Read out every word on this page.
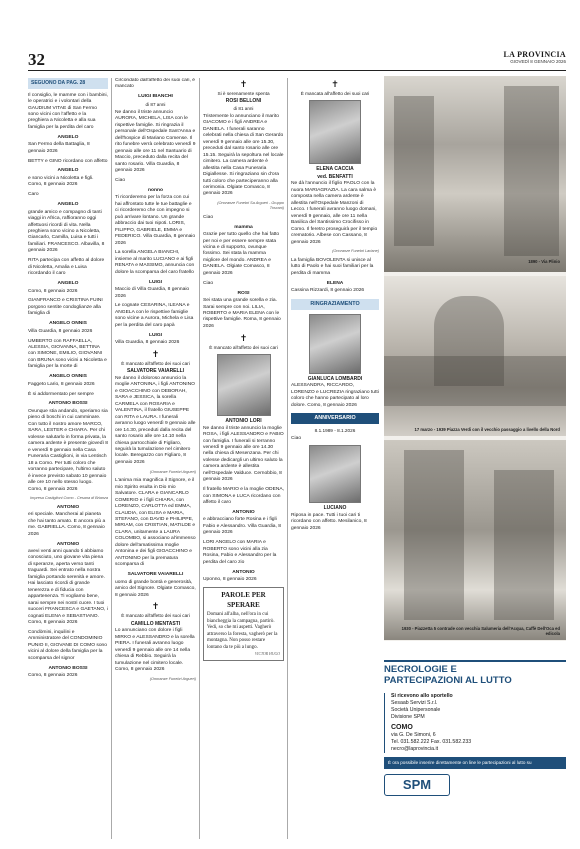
32	LA PROVINCIA
GIOVEDÌ 8 GENNAIO 2026
SEGUONO DA PAG. 28

Il consiglio, le mamme con i bambini, le operatrici e i volontari della GAUDIUM VITAE di San Fermo sono vicini con l'affetto e la preghiera a Nicoletta e alla sua famiglia per la perdita del caro

ANGELO

San Fermo della Battaglia, 8 gennaio 2026

BETTY e GINO ricordano con affetto

ANGELO

e sono vicini a Nicoletta e figli. Como, 8 gennaio 2026

Caro

ANGELO

grande amico e compagno di tanti viaggi in Africa, raffioranno oggi affettuosi ricordi di vita. Nella preghiera sono vicino a Nicoletta, Giancarlo, Camilla, Luisa e tutti i familiari. FRANCESCO. Albavilla, 8 gennaio 2026

RITA partecipa con affetto al dolore di Nicoletta, Amalia e Luisa ricordando il caro

ANGELO

Como, 8 gennaio 2026

GIANFRANCO e CRISTINA FUINI porgono sentite condoglianze alla famiglia di

ANGELO ONNIS

Villa Guardia, 8 gennaio 2026

UMBERTO con RAFFAELLA, ALESSIA, GIOVANNA, BETTINA con SIMONE, EMILIO, GIOVANNI con BRUNA sono vicini a Nicoletta e famiglia per la morte di

ANGELO ONNIS

Faggeto Lario, 8 gennaio 2026

È si addormentato per sempre

ANTONIO BOSSI

Ovunque stia andando, speriamo sia pieno di boschi in cui camminare. Con tutto il nostro amore MARCO, SARA, LESTER e CHIARA. Per chi volesse salutarlo in forma privata, la camera ardente è presente giovedì 8 e venerdì 9 gennaio nella Casa Funeraria Castiglioni, in via Lentisch 18 a Como. Per tutti coloro che vorranno partecipare, l'ultimo saluto è invece previsto sabato 10 gennaio alle ore 10 nello stesso luogo. Como, 8 gennaio 2026

Impresa Castiglioni Como - Cesana di Brianza

ANTONIO

eri speciale. Mancherai al pianeta che hai tanto amato. E ancora più a me. GABRIELLA. Como, 8 gennaio 2026

ANTONIO

avevi venti anni quando ti abbiamo conosciuto, uno giovane vita piena di speranze, aperta verso tanti traguardi. Sei entrato nella nostra famiglia portando serenità e amore. Hai lasciato ricordi di grande tenerezza e di fiducia con appartenenza. Ti vogliamo bene, sarai sempre nei nostri cuore. I tuoi suoceri FRANCESCA e GAETANO, i cognati ELENA e SEBASTIANO. Como, 8 gennaio 2026

Condòmini, inquilini e Amministratore del CONDOMINIO PUNIO II, GIOVANE DI COMO sono vicini al dolore della famiglia per la scomparsa del signor

ANTONIO BOSSI

Como, 8 gennaio 2026

Circondato dall'affetto dei suoi cari, è mancato

LUIGI BIANCHI
di 87 anni

Ne danno il triste annuncio AURORA, MICHELA, LISA con le rispettive famiglie. Si ringrazia il personale dell'Ospedale Sant'Anna e dell'hospice di Mariano Comense. Il rito funebre verrà celebrato venerdì 9 gennaio alle ore 11 nel Santuario di Maccio, preceduto dalla recita del santo rosario. Villa Guardia, 8 gennaio 2026

Ciao

nonno

Ti ricorderemo per la forza con cui hai affrontato tutte le tue battaglie e ci ricorderemo che con impegno si può arrivare lontano. Un grande abbraccio dai tuoi nipoti. LORIS, FILIPPO, GABRIELE, EMMA e FEDERICO. Villa Guardia, 8 gennaio 2026

La sorella ANGELA BIANCHI, insieme al marito LUCIANO e ai figli RENATA e MASSIMO, annuncia con dolore la scomparsa del caro fratello

LUIGI

Maccio di Villa Guardia, 8 gennaio 2026

Le cognate CESARINA, ILEANA e ANGELA con le rispettive famiglie sono vicine a Aurora, Michela e Lisa per la perdita del caro papà

LUIGI

Villa Guardia, 8 gennaio 2026

✝
È mancato all'affetto dei suoi cari
SALVATORE VAIARELLI

Ne danno il doloroso annuncio la moglie ANTONINA, i figli ANTONINO e GIOACCHINO con DEBORAH, SARA e JESSICA, la sorella CARMELA con ROSARIA e VALENTINA, il fratello GIUSEPPE con RITA e LAURA. I funerali avranno luogo venerdì 9 gennaio alle ore 14.30, preceduti dalla recita del santo rosario alle ore 14.10 nella chiesa parrocchiale di Figliaro, seguirà la tumulazione nel cimitero locale. Beregazzo con Figliaro, 8 gennaio 2026

(Onoranze Funebri Argueri)

L'anima mia magnifica il Signore, e il mio Spirito esulta in Dio mio Salvatore. CLARA e GIANCARLO COMERIO e i figli CHIARA, con LORENZO, CARLOTTA ed EMMA, CLAUDIA, con ELISA e MARIA, STEFANO, con DAVID e PHILIPPE, MIRIAM, con CRISTIAN, MATILDE e CLARA, unitamente a LAURA COLOMBO, si associano al'immenso dolore dell'amatissima moglie Antonina e dei figli GIOACCHINO e ANTONINO per la prematura scomparsa di

SALVATORE VAIARELLI

uomo di grande bontà e generosità, amico del Signore. Olgiate Comasco, 8 gennaio 2026

✝
È mancato all'affetto dei suoi cari
CAMILLO MENTASTI

Lo annunciano con dolore i figli MIRKO e ALESSANDRO e la sorella PIERA. I funerali avranno luogo venerdì 9 gennaio alle ore 14 nella chiesa di Rebbio. Seguirà la tumulazione nel cimitero locale. Como, 8 gennaio 2026

(Onoranze Funebri Argueri)

✝
Si è serenamente spenta
ROSI BELLONI
di 81 anni

Tristemente lo annunciano il marito GIACOMO e i figli ANDREA e DANIELA. I funerali saranno celebrati nella chiesa di San Gerardo venerdì 9 gennaio alle ore 15.30, preceduti dal santo rosario alle ore 15.15. Seguirà la sepoltura nel locale cimitero. La camera ardente è allestita nella Casa Funeraria Digiallesse. Si ringraziano sin d'ora tutti coloro che parteciperanno alla cerimonia. Olgiate Comasco, 8 gennaio 2026

(Onoranze Funebri Sa Argueri - Gruppo Toscani)

Ciao

mamma

Grazie per tutto quello che hai fatto per noi e per essere sempre stata vicina e di supporto, ovunque fossimo. Sei stata la mamma migliore del mondo. ANDREA e DANIELA. Olgiate Comasco, 8 gennaio 2026

Ciao

ROSI

Sei stata una grande sorella e zia. Sarai sempre con noi. LILIA, ROBERTO e MARIA ELENA con le rispettive famiglie. Roma, 8 gennaio 2026

✝
È mancato all'affetto dei suoi cari
ANTONIO LORI

Ne danno il triste annuncio la moglie ROSA, i figli ALESSANDRO e FABIO con famiglia. I funerali si terranno venerdì 9 gennaio alle ore 14.30 nella chiesa di Mesenzana. Per chi volesse dedicargli un ultimo saluto la camera ardente è allestita nell'Ospedale Valduce. Cernobbio, 8 gennaio 2026

Il fratello MARIO e la moglie ODENA, con SIMONA e LUCA ricordano con affetto il caro

ANTONIO

e abbracciano forte Rosina e i figli Fabio e Alessandro. Villa Guardia, 8 gennaio 2026

LORI ANGELO con MARIA e ROBERTO sono vicini alla zia Rosina, Fabio e Alessandro per la perdita del caro zio

ANTONIO

Uponno, 8 gennaio 2026

PAROLE PER SPERARE
Domani all'alba, nell'ora in cui biancheggia la campagna, partirò. Vedi, so che mi aspetti. Vagherò attraverso la foresta, vagherò per la montagna. Non posso restare lontano da te più a lungo.
VICTOR HUGO
✝
È mancata all'affetto dei suoi cari
ELENA CACCIA
ved. BENFATTI

Ne dà l'annuncio il figlio PAOLO con la nuora MARIAGRAZIA. La cara salma è composta nella camera ardente è allestita nell'Ospedale Manzoni di Lecco. I funerali avranno luogo domani, venerdì 9 gennaio, alle ore 11 nella Basilica del Santissimo Crocifisso in Como. Il feretro proseguirà per il tempio crematorio. Albese con Cassano, 8 gennaio 2026

(Onoranze Funebri Lariane)

La famiglia BOVOLENTA si unisce al lutto di Paolo e hai suoi familiari per la perdita di mamma

ELENA

Cassina Rizzardi, 8 gennaio 2026

RINGRAZIAMENTO
GIANLUCA LOMBARDI

ALESSANDRA, RICCARDO, LORENZO e LUCREZIA ringraziano tutti coloro che hanno partecipato al loro dolore. Como, 8 gennaio 2026

ANNIVERSARIO
8.1.1989 - 8.1.2026
Ciao
LUCIANO

Riposa in pace. Tutti i tuoi cari ti ricordano con affetto. Mesilanico, 8 gennaio 2026

1890 - Via Plinio
17 marzo - 1939 Piazza Verdi con il vecchio passaggio a livello della Nord
1930 - Piazzetta 5 contrade con vecchia Salumeria dell'Acqua, Caffè Dell'Oca ed edicola
NECROLOGIE E
PARTECIPAZIONI AL LUTTO
Si ricevono allo sportello
Sesaab Servizi S.r.l.
Società Unipersonale
Divisione SPM
COMO
via G. De Simoni, 6
Tel. 031.582.222 Fax. 031.582.233
necro@laprovincia.it
È ora possibile inserire direttamente on line le partecipazioni al lutto su
SPM
